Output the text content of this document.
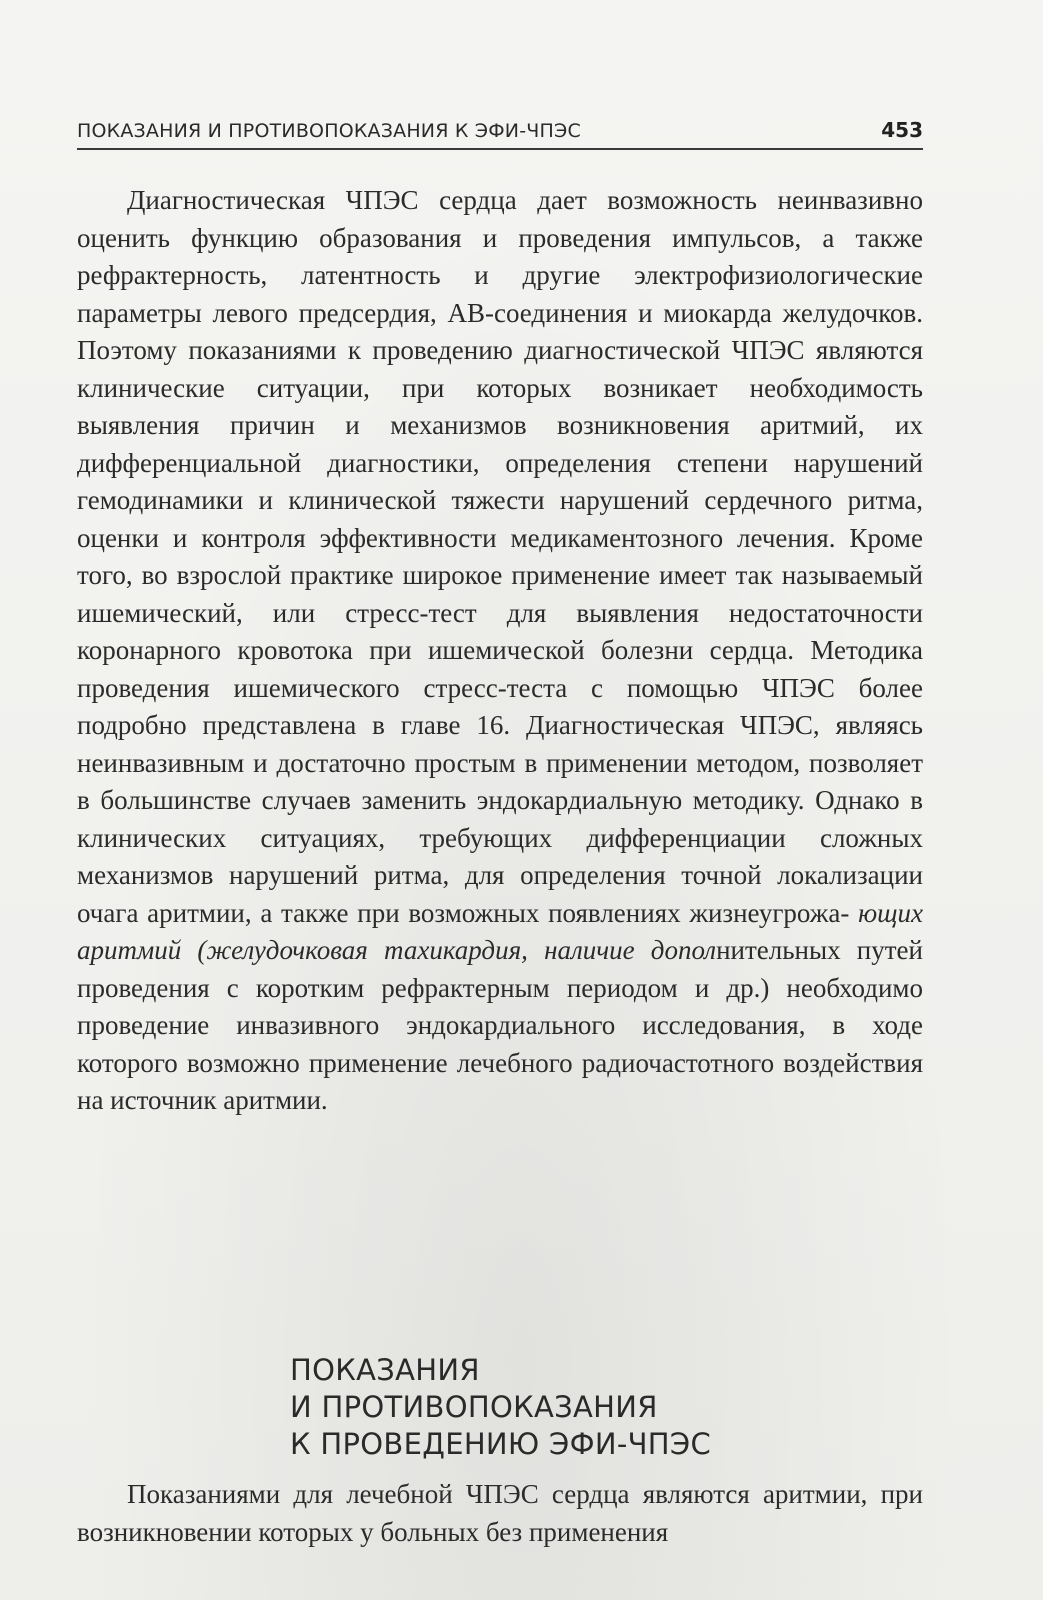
ПОКАЗАНИЯ И ПРОТИВОПОКАЗАНИЯ К ЭФИ-ЧПЭС	453

Диагностическая ЧПЭС сердца дает возможность неинвазивно оценить функцию образования и проведения импульсов, а также рефрактерность, латентность и другие электрофизиологические параметры левого предсердия, АВ-соединения и миокарда желудочков. Поэтому показаниями к проведению диагностической ЧПЭС являются клинические ситуации, при которых возникает необходимость выявления причин и механизмов возникновения аритмий, их дифференциальной диагностики, определения степени нарушений гемодинамики и клинической тяжести нарушений сердечного ритма, оценки и контроля эффективности медикаментозного лечения. Кроме того, во взрослой практике широкое применение имеет так называемый ишемический, или стресс-тест для выявления недостаточности коронарного кровотока при ишемической болезни сердца. Методика проведения ишемического стресс-теста с помощью ЧПЭС более подробно представлена в главе 16. Диагностическая ЧПЭС, являясь неинвазивным и достаточно простым в применении методом, позволяет в большинстве случаев заменить эндокардиальную методику. Однако в клинических ситуациях, требующих дифференциации сложных механизмов нарушений ритма, для определения точной локализации очага аритмии, а также при возможных появлениях жизнеугрожа- ющих аритмий (желудочковая тахикардия, наличие дополнительных путей проведения с коротким рефрактерным периодом и др.) необходимо проведение инвазивного эндокардиального исследования, в ходе которого возможно применение лечебного радиочастотного воздействия на источник аритмии.

ПОКАЗАНИЯ
И ПРОТИВОПОКАЗАНИЯ
К ПРОВЕДЕНИЮ ЭФИ-ЧПЭС

Показаниями для лечебной ЧПЭС сердца являются аритмии, при возникновении которых у больных без применения
